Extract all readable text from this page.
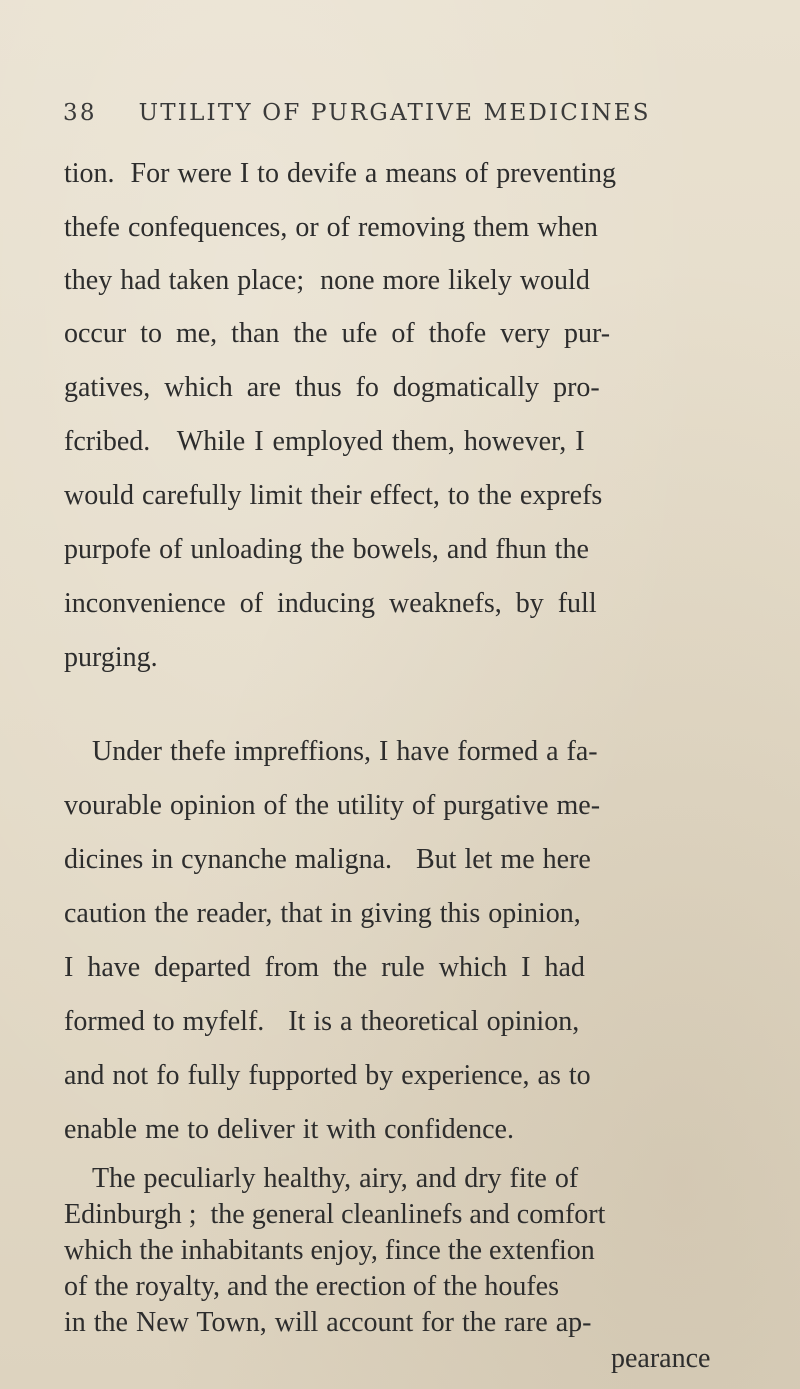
38 UTILITY OF PURGATIVE MEDICINES
tion.  For were I to devife a means of preventing
thefe confequences, or of removing them when
they had taken place;  none more likely would
occur  to  me,  than  the  ufe  of  thofe  very  pur-
gatives,  which  are  thus  fo  dogmatically  pro-
fcribed.   While I employed them, however, I
would carefully limit their effect, to the exprefs
purpofe of unloading the bowels, and fhun the
inconvenience  of  inducing  weaknefs,  by  full
purging.
Under thefe impreffions, I have formed a fa-
vourable opinion of the utility of purgative me-
dicines in cynanche maligna.   But let me here
caution the reader, that in giving this opinion,
I  have  departed  from  the  rule  which  I  had
formed to myfelf.   It is a theoretical opinion,
and not fo fully fupported by experience, as to
enable me to deliver it with confidence.
The peculiarly healthy, airy, and dry fite of
Edinburgh ;  the general cleanlinefs and comfort
which the inhabitants enjoy, fince the extenfion
of the royalty, and the erection of the houfes
in the New Town, will account for the rare ap-
pearance
